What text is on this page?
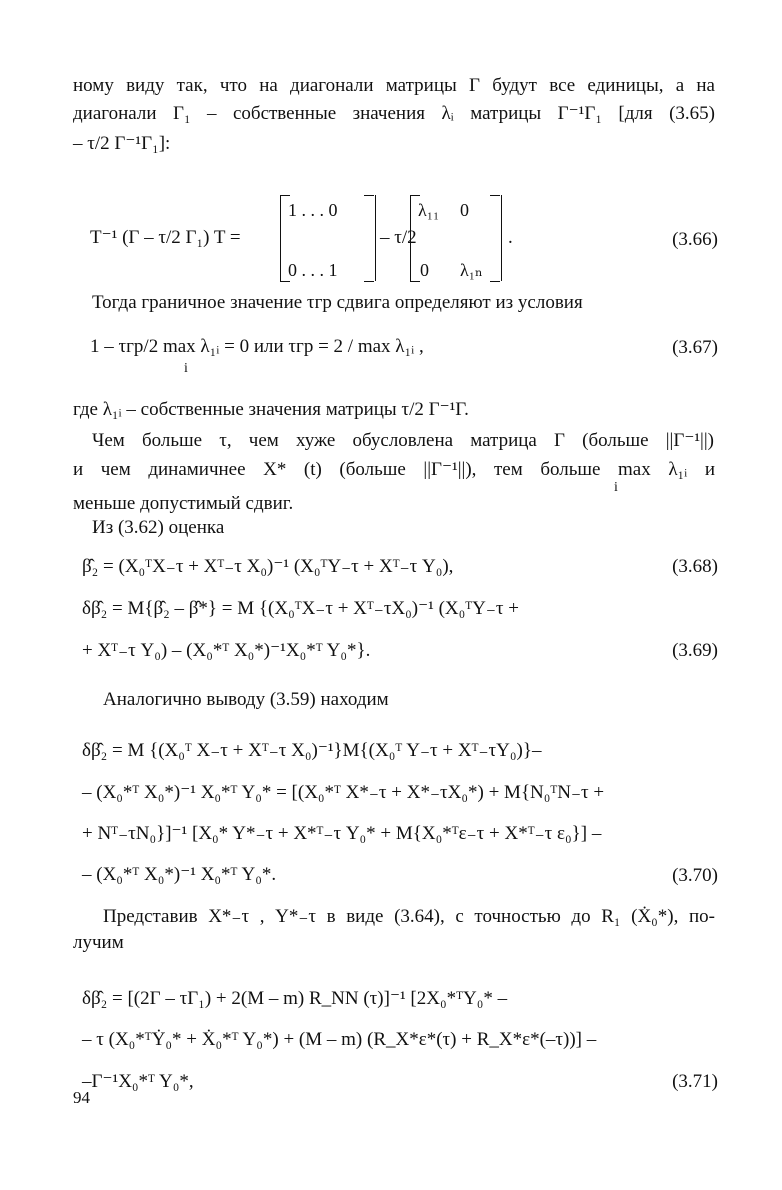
ному виду так, что на диагонали матрицы Г будут все единицы, а на
диагонали Г₁ – собственные значения λᵢ матрицы Г⁻¹Г₁ [для (3.65)
– τ/2 Г⁻¹Г₁]:
T⁻¹ (Г – τ/2 Г₁) T =
1 . . . 0
0 . . . 1
– τ/2
λ₁₁ 0
0 λ₁ₙ
.	(3.66)
Тогда граничное значение τгр сдвига определяют из условия
1 – τгр/2 max λ₁ᵢ = 0 или τгр = 2 / max λ₁ᵢ ,
i
(3.67)
где λ₁ᵢ – собственные значения матрицы τ/2 Г⁻¹Г.
Чем больше τ, чем хуже обусловлена матрица Г (больше ||Г⁻¹||)
и чем динамичнее X* (t) (больше ||Г⁻¹||), тем больше max λ₁ᵢ и
i
меньше допустимый сдвиг.
Из (3.62) оценка
β̂₂ = (X₀ᵀX₋τ + Xᵀ₋τ X₀)⁻¹ (X₀ᵀY₋τ + Xᵀ₋τ Y₀),	(3.68)
δβ̂₂ = M{β̂₂ – β̂*} = M {(X₀ᵀX₋τ + Xᵀ₋τX₀)⁻¹ (X₀ᵀY₋τ +
+ Xᵀ₋τ Y₀) – (X₀*ᵀ X₀*)⁻¹X₀*ᵀ Y₀*}.	(3.69)
Аналогично выводу (3.59) находим
δβ̂₂ = M {(X₀ᵀ X₋τ + Xᵀ₋τ X₀)⁻¹}M{(X₀ᵀ Y₋τ + Xᵀ₋τY₀)}–
– (X₀*ᵀ X₀*)⁻¹ X₀*ᵀ Y₀* = [(X₀*ᵀ X*₋τ + X*₋τX₀*) + M{N₀ᵀN₋τ +
+ Nᵀ₋τN₀}]⁻¹ [X₀* Y*₋τ + X*ᵀ₋τ Y₀* + M{X₀*ᵀε₋τ + X*ᵀ₋τ ε₀}] –
– (X₀*ᵀ X₀*)⁻¹ X₀*ᵀ Y₀*.	(3.70)
Представив X*₋τ , Y*₋τ в виде (3.64), с точностью до R₁ (Ẋ₀*), по-
лучим
δβ̂₂ = [(2Г – τГ₁) + 2(M – m) R_NN (τ)]⁻¹ [2X₀*ᵀY₀* –
– τ (X₀*ᵀẎ₀* + Ẋ₀*ᵀ Y₀*) + (M – m) (R_X*ε*(τ) + R_X*ε*(–τ))] –
–Г⁻¹X₀*ᵀ Y₀*,	(3.71)
94
